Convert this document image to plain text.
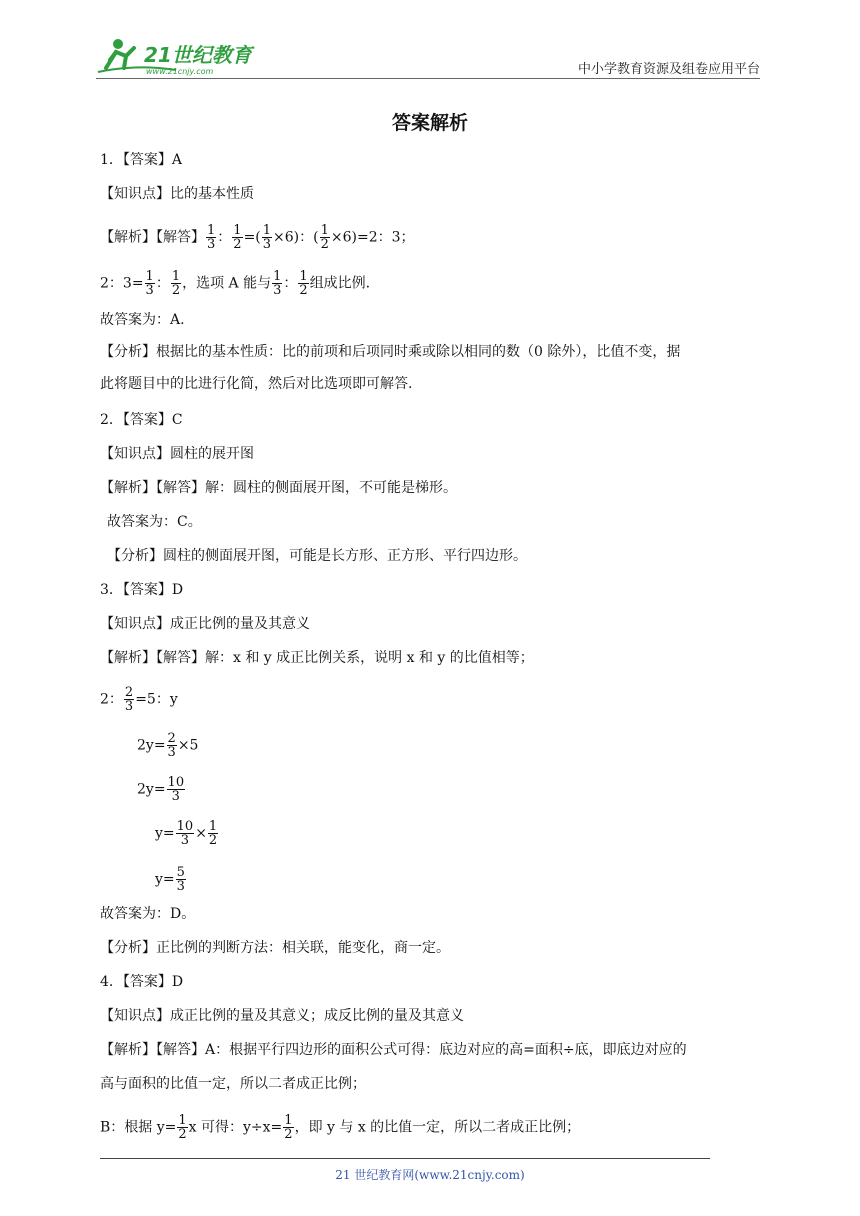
21世纪教育
www.21cnjy.com	中小学教育资源及组卷应用平台
答案解析
1．【答案】A
【知识点】比的基本性质
【解析】【解答】 $\frac{1}{3}$ ： $\frac{1}{2}$ =( $\frac{1}{3} \times 6$)：( $\frac{1}{2} \times 6)=2$：3；
2：$3= \frac{1}{3}$ ： $\frac{1}{2}$ ，选项 A 能与 $\frac{1}{3}$ ： $\frac{1}{2}$ 组成比例.
故答案为：A.
【分析】根据比的基本性质：比的前项和后项同时乘或除以相同的数（0 除外），比值不变，据
此将题目中的比进行化简，然后对比选项即可解答.
2．【答案】C
【知识点】圆柱的展开图
【解析】【解答】解：圆柱的侧面展开图，不可能是梯形。
故答案为：C。
【分析】圆柱的侧面展开图，可能是长方形、正方形、平行四边形。
3．【答案】D
【知识点】成正比例的量及其意义
【解析】【解答】解：x 和 y 成正比例关系，说明 x 和 y 的比值相等；
2： $\frac{2}{3} =5$：y
$2y= \frac{2}{3} \times 5$
$2y= \frac{10}{3}$
$y= \frac{10}{3} \times \frac{1}{2}$
$y= \frac{5}{3}$
故答案为：D。
【分析】正比例的判断方法：相关联，能变化，商一定。
4．【答案】D
【知识点】成正比例的量及其意义；成反比例的量及其意义
【解析】【解答】A：根据平行四边形的面积公式可得：底边对应的高=面积÷底，即底边对应的
高与面积的比值一定，所以二者成正比例；
B：根据 $y= \frac{1}{2}$ x 可得：$y\div x= \frac{1}{2}$ ，即 y 与 x 的比值一定，所以二者成正比例；
21 世纪教育网(www.21cnjy.com)
